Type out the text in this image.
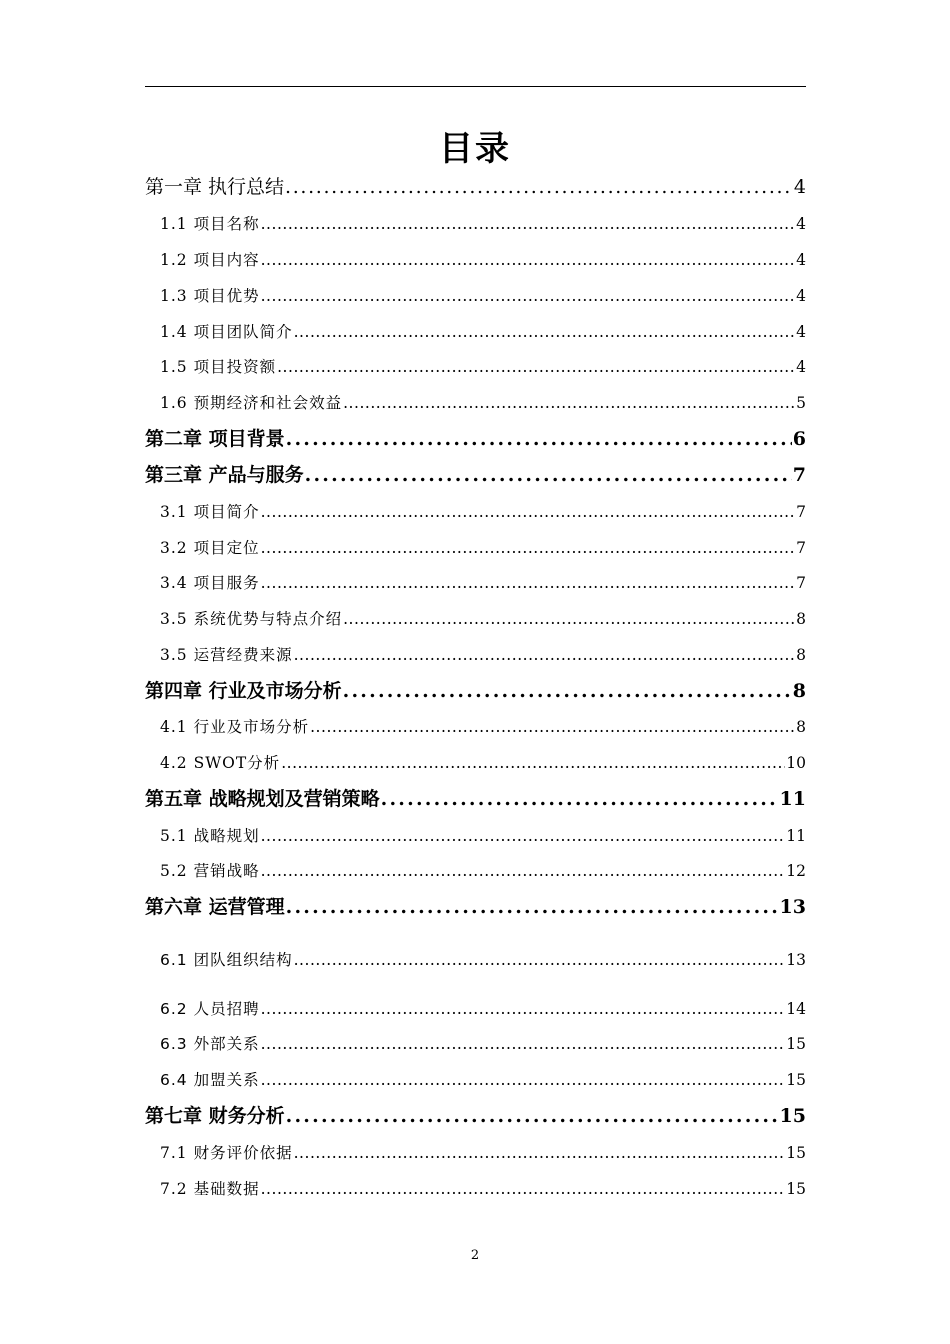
目录
第一章 执行总结 . . .	4
1.1 项目名称 . . .	4
1.2 项目内容 . . .	4
1.3 项目优势 . . .	4
1.4 项目团队简介 . . .	4
1.5 项目投资额 . . .	4
1.6 预期经济和社会效益 . . .	5
第二章 项目背景 . . .	6
第三章 产品与服务 . . .	7
3.1 项目简介 . . .	7
3.2 项目定位 . . .	7
3.4 项目服务 . . .	7
3.5 系统优势与特点介绍 . . .	8
3.5 运营经费来源 . . .	8
第四章 行业及市场分析 . . .	8
4.1 行业及市场分析 . . .	8
4.2 SWOT分析 . . .	10
第五章 战略规划及营销策略 . . .	11
5.1 战略规划 . . .	11
5.2 营销战略 . . .	12
第六章 运营管理 . . .	13
6.1 团队组织结构 . . .	13
6.2 人员招聘 . . .	14
6.3 外部关系 . . .	15
6.4 加盟关系 . . .	15
第七章 财务分析 . . .	15
7.1 财务评价依据 . . .	15
7.2 基础数据 . . .	15
2
